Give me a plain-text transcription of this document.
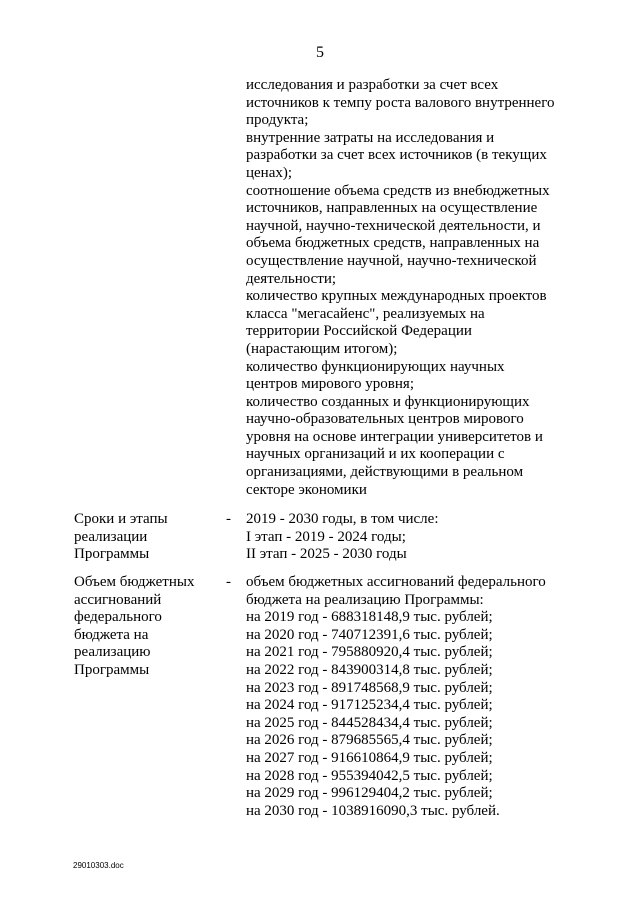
5
исследования и разработки за счет всех
источников к темпу роста валового внутреннего
продукта;
внутренние затраты на исследования и
разработки за счет всех источников (в текущих
ценах);
соотношение объема средств из внебюджетных
источников, направленных на осуществление
научной, научно-технической деятельности, и
объема бюджетных средств, направленных на
осуществление научной, научно-технической
деятельности;
количество крупных международных проектов
класса "мегасайенс", реализуемых на
территории Российской Федерации
(нарастающим итогом);
количество функционирующих научных
центров мирового уровня;
количество созданных и функционирующих
научно-образовательных центров мирового
уровня на основе интеграции университетов и
научных организаций и их кооперации с
организациями, действующими в реальном
секторе экономики
Сроки и этапы
реализации
Программы
- 2019 - 2030 годы, в том числе:
I этап - 2019 - 2024 годы;
II этап - 2025 - 2030 годы
Объем бюджетных
ассигнований
федерального
бюджета на
реализацию
Программы
- объем бюджетных ассигнований федерального
бюджета на реализацию Программы:
на 2019 год - 688318148,9 тыс. рублей;
на 2020 год - 740712391,6 тыс. рублей;
на 2021 год - 795880920,4 тыс. рублей;
на 2022 год - 843900314,8 тыс. рублей;
на 2023 год - 891748568,9 тыс. рублей;
на 2024 год - 917125234,4 тыс. рублей;
на 2025 год - 844528434,4 тыс. рублей;
на 2026 год - 879685565,4 тыс. рублей;
на 2027 год - 916610864,9 тыс. рублей;
на 2028 год - 955394042,5 тыс. рублей;
на 2029 год - 996129404,2 тыс. рублей;
на 2030 год - 1038916090,3 тыс. рублей.
29010303.doc
